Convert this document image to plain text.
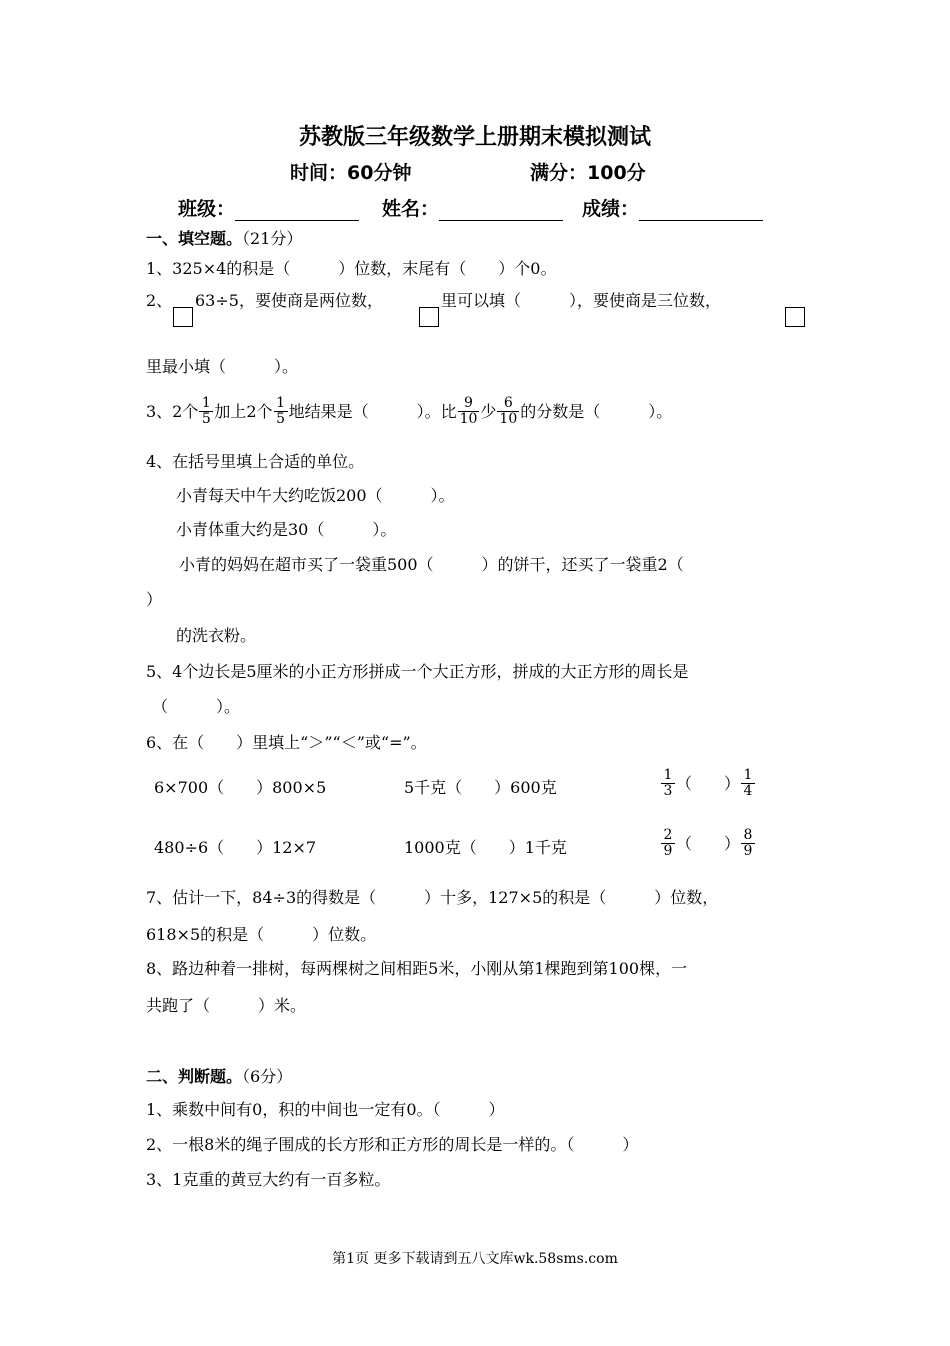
苏教版三年级数学上册期末模拟测试
时间：60分钟	满分：100分
班级：	姓名：	成绩：
一、填空题。（21分）
1、325×4的积是（　　　）位数，末尾有（　　）个0。
2、 63÷5，要使商是两位数，	里可以填（　　　），要使商是三位数，
里最小填（　　　）。
3、2个 $\frac{1}{5}$ 加上2个 $\frac{1}{5}$ 地结果是（　　　）。比 $\frac{9}{10}$ 少 $\frac{6}{10}$ 的分数是（　　　）。
4、在括号里填上合适的单位。
小青每天中午大约吃饭200（　　　）。
小青体重大约是30（　　　）。
小青的妈妈在超市买了一袋重500（　　　）的饼干，还买了一袋重2（
）
的洗衣粉。
5、4个边长是5厘米的小正方形拼成一个大正方形，拼成的大正方形的周长是
（　　　）。
6、在（　　）里填上“＞”“＜”或“=”。
6×700（　　）800×5	5千克（　　）600克	$\frac{1}{3}$ （　　） $\frac{1}{4}$
480÷6（　　）12×7	1000克（　　）1千克	$\frac{2}{9}$ （　　） $\frac{8}{9}$
7、估计一下，84÷3的得数是（　　　）十多，127×5的积是（　　　）位数，
618×5的积是（　　　）位数。
8、路边种着一排树，每两棵树之间相距5米，小刚从第1棵跑到第100棵，一
共跑了（　　　）米。
二、判断题。（6分）
1、乘数中间有0，积的中间也一定有0。（　　　）
2、一根8米的绳子围成的长方形和正方形的周长是一样的。（　　　）
3、1克重的黄豆大约有一百多粒。
第1页 更多下载请到五八文库wk.58sms.com
